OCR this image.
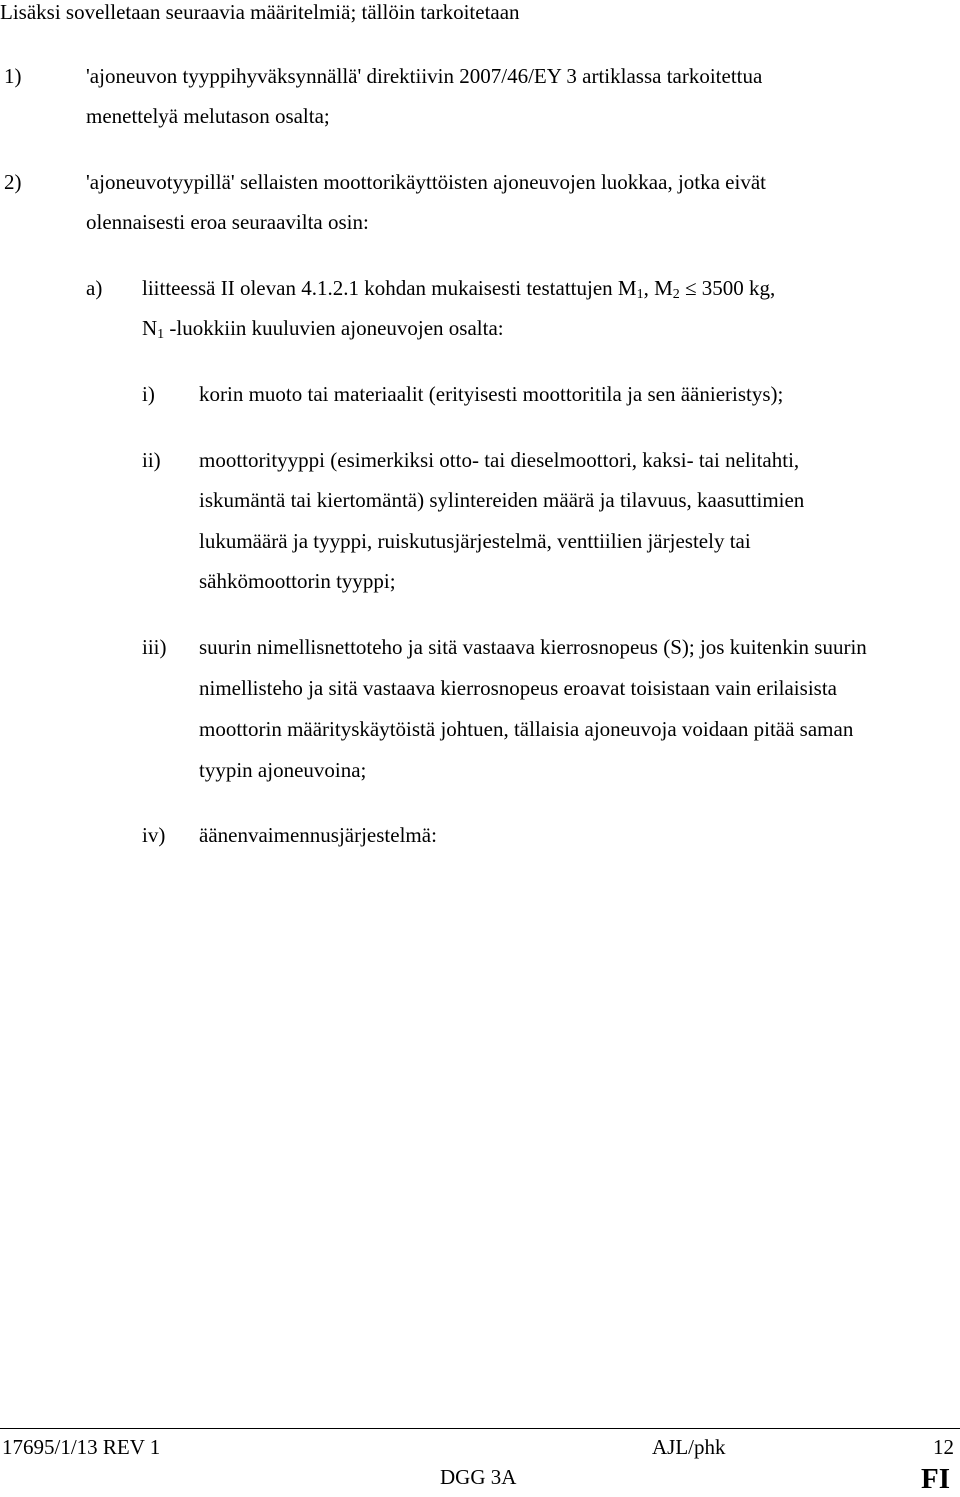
Lisäksi sovelletaan seuraavia määritelmiä; tällöin tarkoitetaan
1)	'ajoneuvon tyyppihyväksynnällä' direktiivin 2007/46/EY 3 artiklassa tarkoitettua
menettelyä melutason osalta;
2)	'ajoneuvotyypillä' sellaisten moottorikäyttöisten ajoneuvojen luokkaa, jotka eivät
olennaisesti eroa seuraavilta osin:
a) liitteessä II olevan 4.1.2.1 kohdan mukaisesti testattujen $M_1$, $M_2 \le 3500$ kg,
$N_1$ -luokkiin kuuluvien ajoneuvojen osalta:
i) korin muoto tai materiaalit (erityisesti moottoritila ja sen äänieristys);
ii) moottorityyppi (esimerkiksi otto- tai dieselmoottori, kaksi- tai nelitahti,
iskumäntä tai kiertomäntä) sylintereiden määrä ja tilavuus, kaasuttimien
lukumäärä ja tyyppi, ruiskutusjärjestelmä, venttiilien järjestely tai
sähkömoottorin tyyppi;
iii) suurin nimellisnettoteho ja sitä vastaava kierrosnopeus (S); jos kuitenkin suurin
nimellisteho ja sitä vastaava kierrosnopeus eroavat toisistaan vain erilaisista
moottorin määrityskäytöistä johtuen, tällaisia ajoneuvoja voidaan pitää saman
tyypin ajoneuvoina;
iv) äänenvaimennusjärjestelmä:
17695/1/13 REV 1	AJL/phk	12
DGG 3A	FI
